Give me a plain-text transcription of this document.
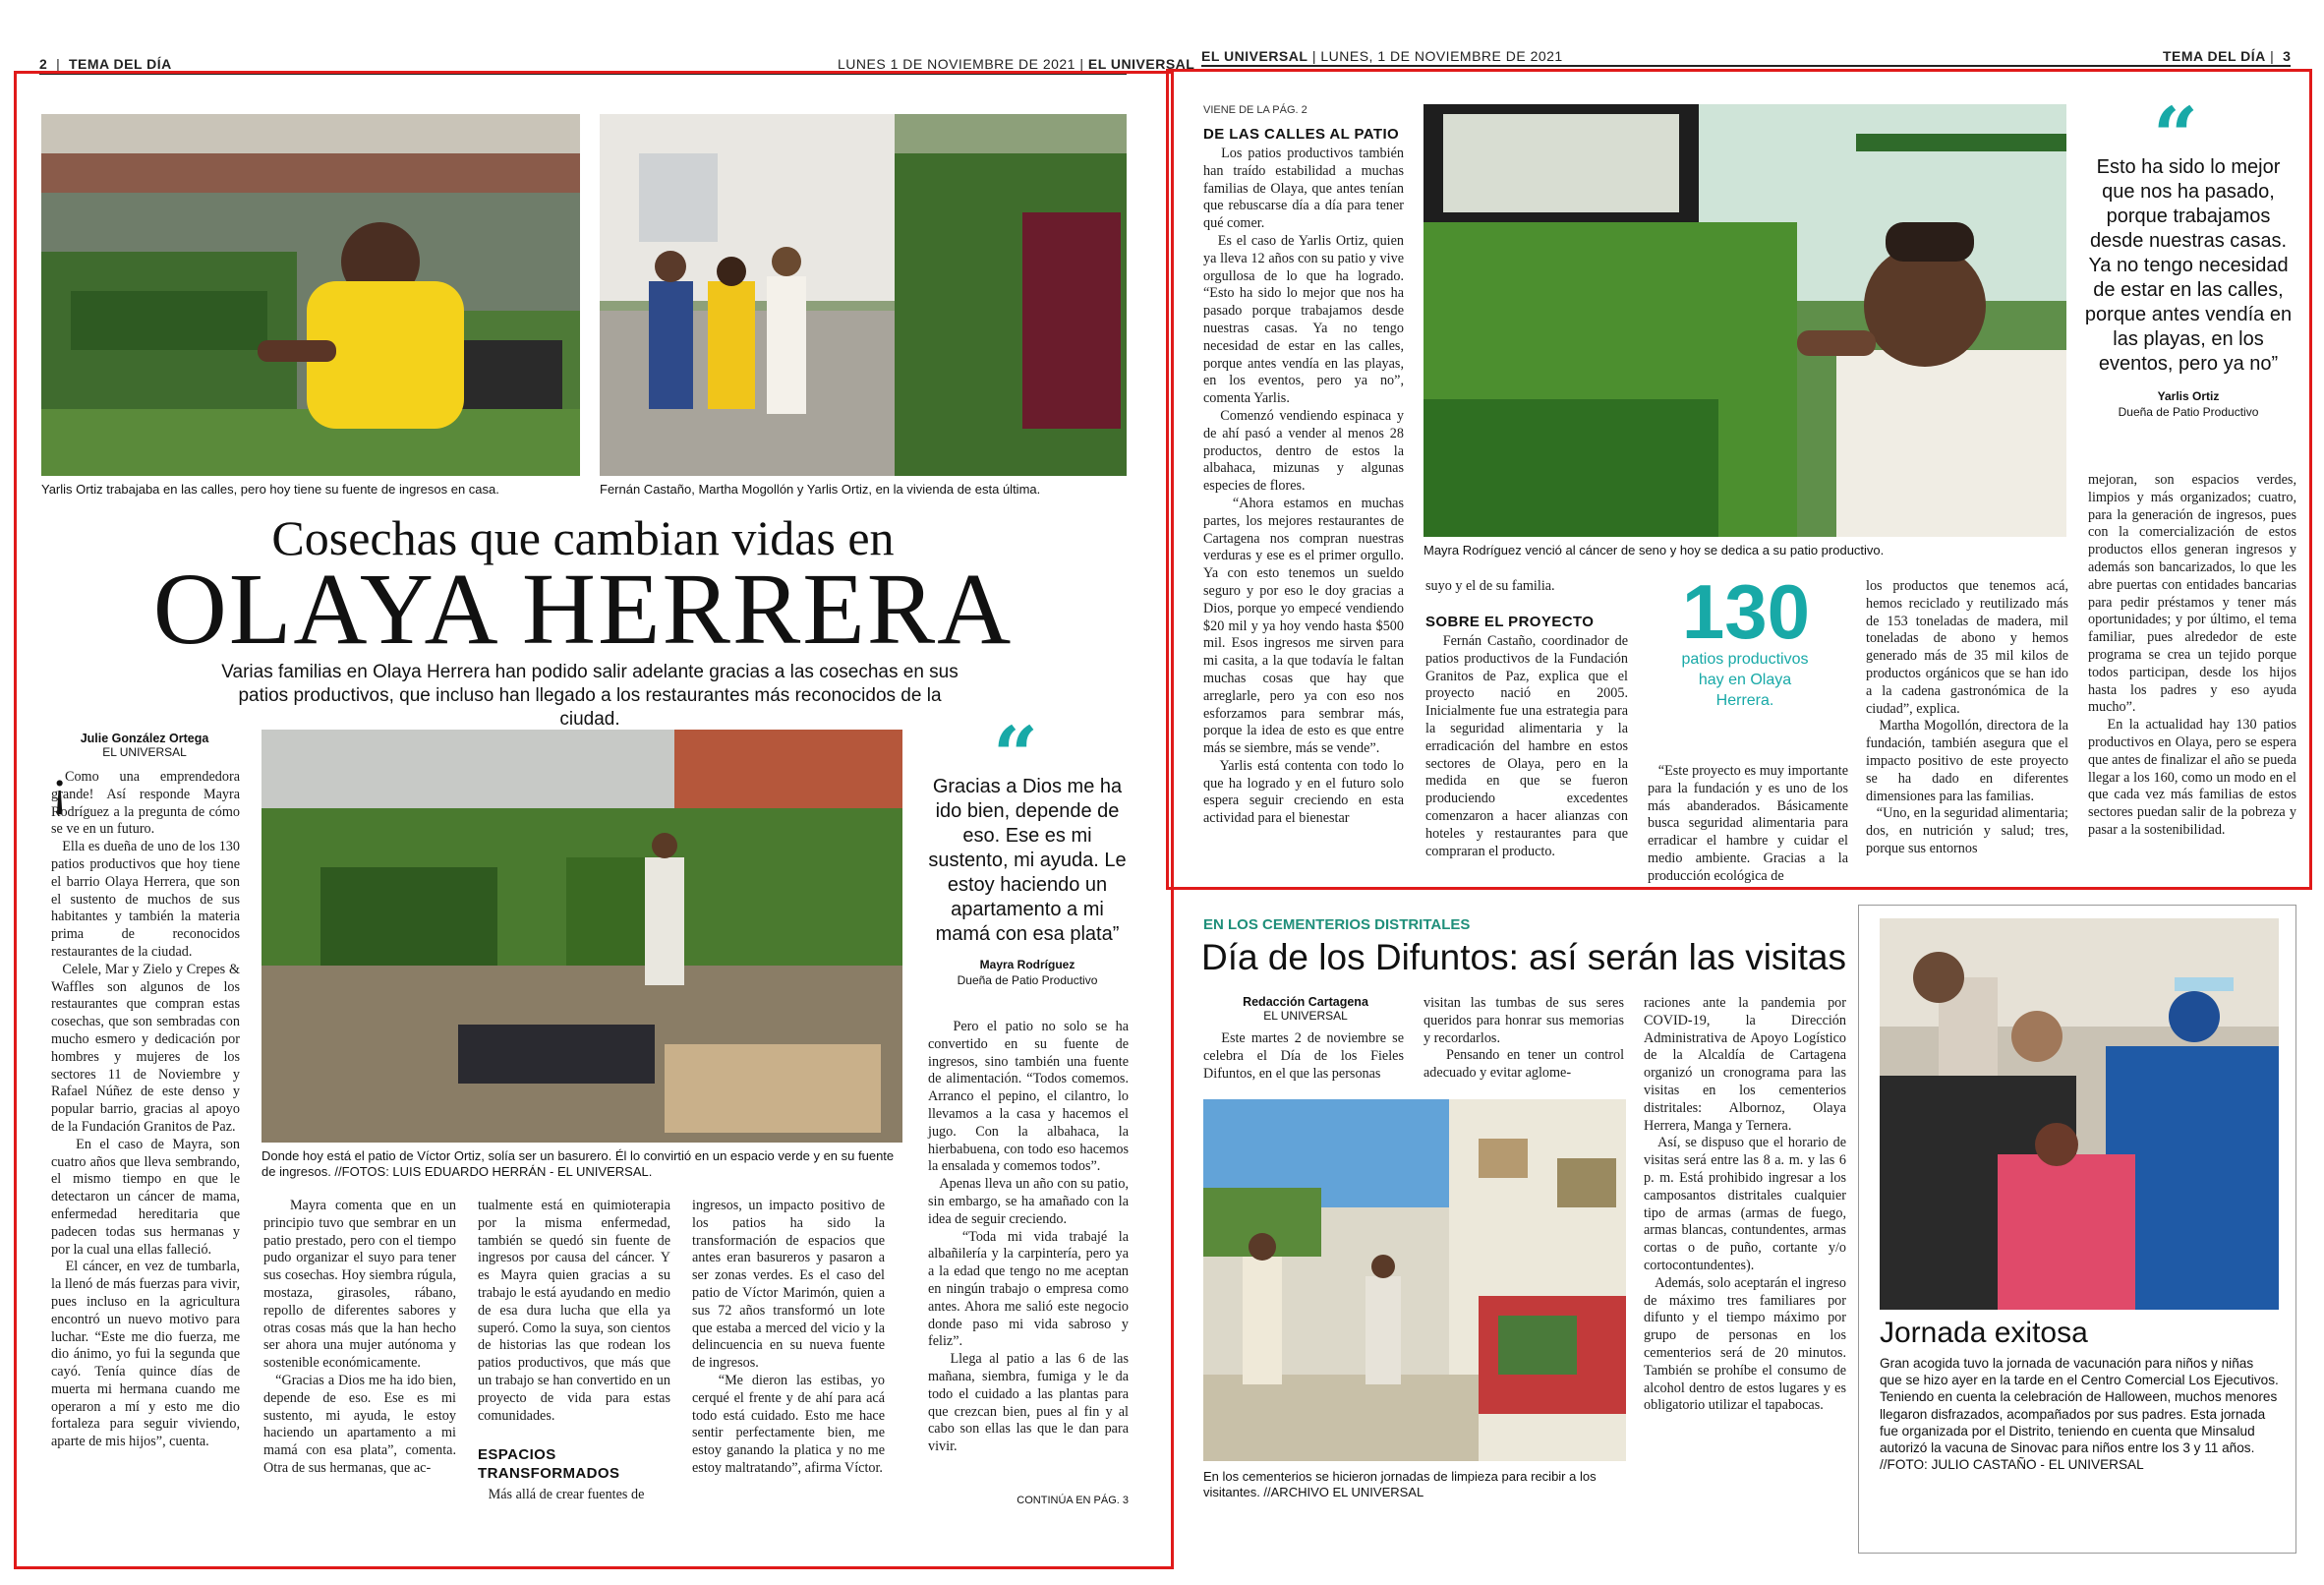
2  |  TEMA DEL DÍA	LUNES 1 DE NOVIEMBRE DE 2021 | EL UNIVERSAL EL UNIVERSAL | LUNES, 1 DE NOVIEMBRE DE 2021	TEMA DEL DÍA |  3
Yarlis Ortiz trabajaba en las calles, pero hoy tiene su fuente de ingresos en casa.	Fernán Castaño, Martha Mogollón y Yarlis Ortiz, en la vivienda de esta última.
Cosechas que cambian vidas en
OLAYA HERRERA
Varias familias en Olaya Herrera han podido salir adelante gracias a las cosechas en sus patios productivos, que incluso han llegado a los restaurantes más reconocidos de la ciudad.
Julie González Ortega
EL UNIVERSAL
¡
Como una emprendedora grande! Así responde Mayra Rodríguez a la pregunta de cómo se ve en un futuro.
Ella es dueña de uno de los 130 patios productivos que hoy tiene el barrio Olaya Herrera, que son el sustento de muchos de sus habitantes y también la materia prima de reconocidos restaurantes de la ciudad.
Celele, Mar y Zielo y Crepes & Waffles son algunos de los restaurantes que compran estas cosechas, que son sembradas con mucho esmero y dedicación por hombres y mujeres de los sectores 11 de Noviembre y Rafael Núñez de este denso y popular barrio, gracias al apoyo de la Fundación Granitos de Paz.
En el caso de Mayra, son cuatro años que lleva sembrando, el mismo tiempo en que le detectaron un cáncer de mama, enfermedad hereditaria que padecen todas sus hermanas y por la cual una ellas falleció.
El cáncer, en vez de tumbarla, la llenó de más fuerzas para vivir, pues incluso en la agricultura encontró un nuevo motivo para luchar. “Este me dio fuerza, me dio ánimo, yo fui la segunda que cayó. Tenía quince días de muerta mi hermana cuando me operaron a mí y esto me dio fortaleza para seguir viviendo, aparte de mis hijos”, cuenta.
Donde hoy está el patio de Víctor Ortiz, solía ser un basurero. Él lo convirtió en un espacio verde y en su fuente de ingresos. //FOTOS: LUIS EDUARDO HERRÁN - EL UNIVERSAL.
“
Gracias a Dios me ha ido bien, depende de eso. Ese es mi sustento, mi ayuda. Le estoy haciendo un apartamento a mi mamá con esa plata”
Mayra Rodríguez
Dueña de Patio Productivo
Mayra comenta que en un principio tuvo que sembrar en un patio prestado, pero con el tiempo pudo organizar el suyo para tener sus cosechas. Hoy siembra rúgula, mostaza, girasoles, rábano, repollo de diferentes sabores y otras cosas más que la han hecho ser ahora una mujer autónoma y sostenible económicamente.
“Gracias a Dios me ha ido bien, depende de eso. Ese es mi sustento, mi ayuda, le estoy haciendo un apartamento a mi mamá con esa plata”, comenta. Otra de sus hermanas, que ac-
tualmente está en quimioterapia por la misma enfermedad, también se quedó sin fuente de ingresos por causa del cáncer. Y es Mayra quien gracias a su trabajo le está ayudando en medio de esa dura lucha que ella ya superó. Como la suya, son cientos de historias las que rodean los patios productivos, que más que un trabajo se han convertido en un proyecto de vida para estas comunidades.
ESPACIOS TRANSFORMADOS
Más allá de crear fuentes de
ingresos, un impacto positivo de los patios ha sido la transformación de espacios que antes eran basureros y pasaron a ser zonas verdes. Es el caso del patio de Víctor Marimón, quien a sus 72 años transformó un lote que estaba a merced del vicio y la delincuencia en su nueva fuente de ingresos.
“Me dieron las estibas, yo cerqué el frente y de ahí para acá todo está cuidado. Esto me hace sentir perfectamente bien, me estoy ganando la platica y no me estoy maltratando”, afirma Víctor.
Pero el patio no solo se ha convertido en su fuente de ingresos, sino también una fuente de alimentación. “Todos comemos. Arranco el pepino, el cilantro, lo llevamos a la casa y hacemos el jugo. Con la albahaca, la hierbabuena, con todo eso hacemos la ensalada y comemos todos”.
Apenas lleva un año con su patio, sin embargo, se ha amañado con la idea de seguir creciendo.
“Toda mi vida trabajé la albañilería y la carpintería, pero ya a la edad que tengo no me aceptan en ningún trabajo o empresa como antes. Ahora me salió este negocio donde paso mi vida sabroso y feliz”.
Llega al patio a las 6 de las mañana, siembra, fumiga y le da todo el cuidado a las plantas para que crezcan bien, pues al fin y al cabo son ellas las que le dan para vivir.
CONTINÚA EN PÁG. 3
VIENE DE LA PÁG. 2
DE LAS CALLES AL PATIO
Los patios productivos también han traído estabilidad a muchas familias de Olaya, que antes tenían que rebuscarse día a día para tener qué comer.
Es el caso de Yarlis Ortiz, quien ya lleva 12 años con su patio y vive orgullosa de lo que ha logrado. “Esto ha sido lo mejor que nos ha pasado porque trabajamos desde nuestras casas. Ya no tengo necesidad de estar en las calles, porque antes vendía en las playas, en los eventos, pero ya no”, comenta Yarlis.
Comenzó vendiendo espinaca y de ahí pasó a vender al menos 28 productos, dentro de estos la albahaca, mizunas y algunas especies de flores.
“Ahora estamos en muchas partes, los mejores restaurantes de Cartagena nos compran nuestras verduras y ese es el primer orgullo. Ya con esto tenemos un sueldo seguro y por eso le doy gracias a Dios, porque yo empecé vendiendo $20 mil y ya hoy vendo hasta $500 mil. Esos ingresos me sirven para mi casita, a la que todavía le faltan muchas cosas que hay que arreglarle, pero ya con eso nos esforzamos para sembrar más, porque la idea de esto es que entre más se siembre, más se vende”.
Yarlis está contenta con todo lo que ha logrado y en el futuro solo espera seguir creciendo en esta actividad para el bienestar
Mayra Rodríguez venció al cáncer de seno y hoy se dedica a su patio productivo.
“
Esto ha sido lo mejor que nos ha pasado, porque trabajamos desde nuestras casas. Ya no tengo necesidad de estar en las calles, porque antes vendía en las playas, en los eventos, pero ya no”
Yarlis Ortiz
Dueña de Patio Productivo
suyo y el de su familia.
SOBRE EL PROYECTO
Fernán Castaño, coordinador de patios productivos de la Fundación Granitos de Paz, explica que el proyecto nació en 2005. Inicialmente fue una estrategia para la seguridad alimentaria y la erradicación del hambre en estos sectores de Olaya, pero en la medida en que se fueron produciendo excedentes comenzaron a hacer alianzas con hoteles y restaurantes para que compraran el producto.
130
patios productivos hay en Olaya Herrera.
“Este proyecto es muy importante para la fundación y es uno de los más abanderados. Básicamente busca seguridad alimentaria para erradicar el hambre y cuidar el medio ambiente. Gracias a la producción ecológica de
los productos que tenemos acá, hemos reciclado y reutilizado más de 153 toneladas de madera, mil toneladas de abono y hemos generado más de 35 mil kilos de productos orgánicos que se han ido a la cadena gastronómica de la ciudad”, explica.
Martha Mogollón, directora de la fundación, también asegura que el impacto positivo de este proyecto se ha dado en diferentes dimensiones para las familias.
“Uno, en la seguridad alimentaria; dos, en nutrición y salud; tres, porque sus entornos
mejoran, son espacios verdes, limpios y más organizados; cuatro, para la generación de ingresos, pues con la comercialización de estos productos ellos generan ingresos y además son bancarizados, lo que les abre puertas con entidades bancarias para pedir préstamos y tener más oportunidades; y por último, el tema familiar, pues alrededor de este programa se crea un tejido porque todos participan, desde los hijos hasta los padres y eso ayuda mucho”.
En la actualidad hay 130 patios productivos en Olaya, pero se espera que antes de finalizar el año se pueda llegar a los 160, como un modo en el que cada vez más familias de estos sectores puedan salir de la pobreza y pasar a la sostenibilidad.
EN LOS CEMENTERIOS DISTRITALES
Día de los Difuntos: así serán las visitas
Redacción Cartagena
EL UNIVERSAL
Este martes 2 de noviembre se celebra el Día de los Fieles Difuntos, en el que las personas
visitan las tumbas de sus seres queridos para honrar sus memorias y recordarlos.
Pensando en tener un control adecuado y evitar aglome-
raciones ante la pandemia por COVID-19, la Dirección Administrativa de Apoyo Logístico de la Alcaldía de Cartagena organizó un cronograma para las visitas en los cementerios distritales: Albornoz, Olaya Herrera, Manga y Ternera.
Así, se dispuso que el horario de visitas será entre las 8 a. m. y las 6 p. m. Está prohibido ingresar a los camposantos distritales cualquier tipo de armas (armas de fuego, armas blancas, contundentes, armas cortas o de puño, cortante y/o cortocontundentes).
Además, solo aceptarán el ingreso de máximo tres familiares por difunto y el tiempo máximo por grupo de personas en los cementerios será de 20 minutos. También se prohíbe el consumo de alcohol dentro de estos lugares y es obligatorio utilizar el tapabocas.
En los cementerios se hicieron jornadas de limpieza para recibir a los visitantes. //ARCHIVO EL UNIVERSAL
Jornada exitosa
Gran acogida tuvo la jornada de vacunación para niños y niñas que se hizo ayer en la tarde en el Centro Comercial Los Ejecutivos. Teniendo en cuenta la celebración de Halloween, muchos menores llegaron disfrazados, acompañados por sus padres. Esta jornada fue organizada por el Distrito, teniendo en cuenta que Minsalud autorizó la vacuna de Sinovac para niños entre los 3 y 11 años. //FOTO: JULIO CASTAÑO - EL UNIVERSAL
